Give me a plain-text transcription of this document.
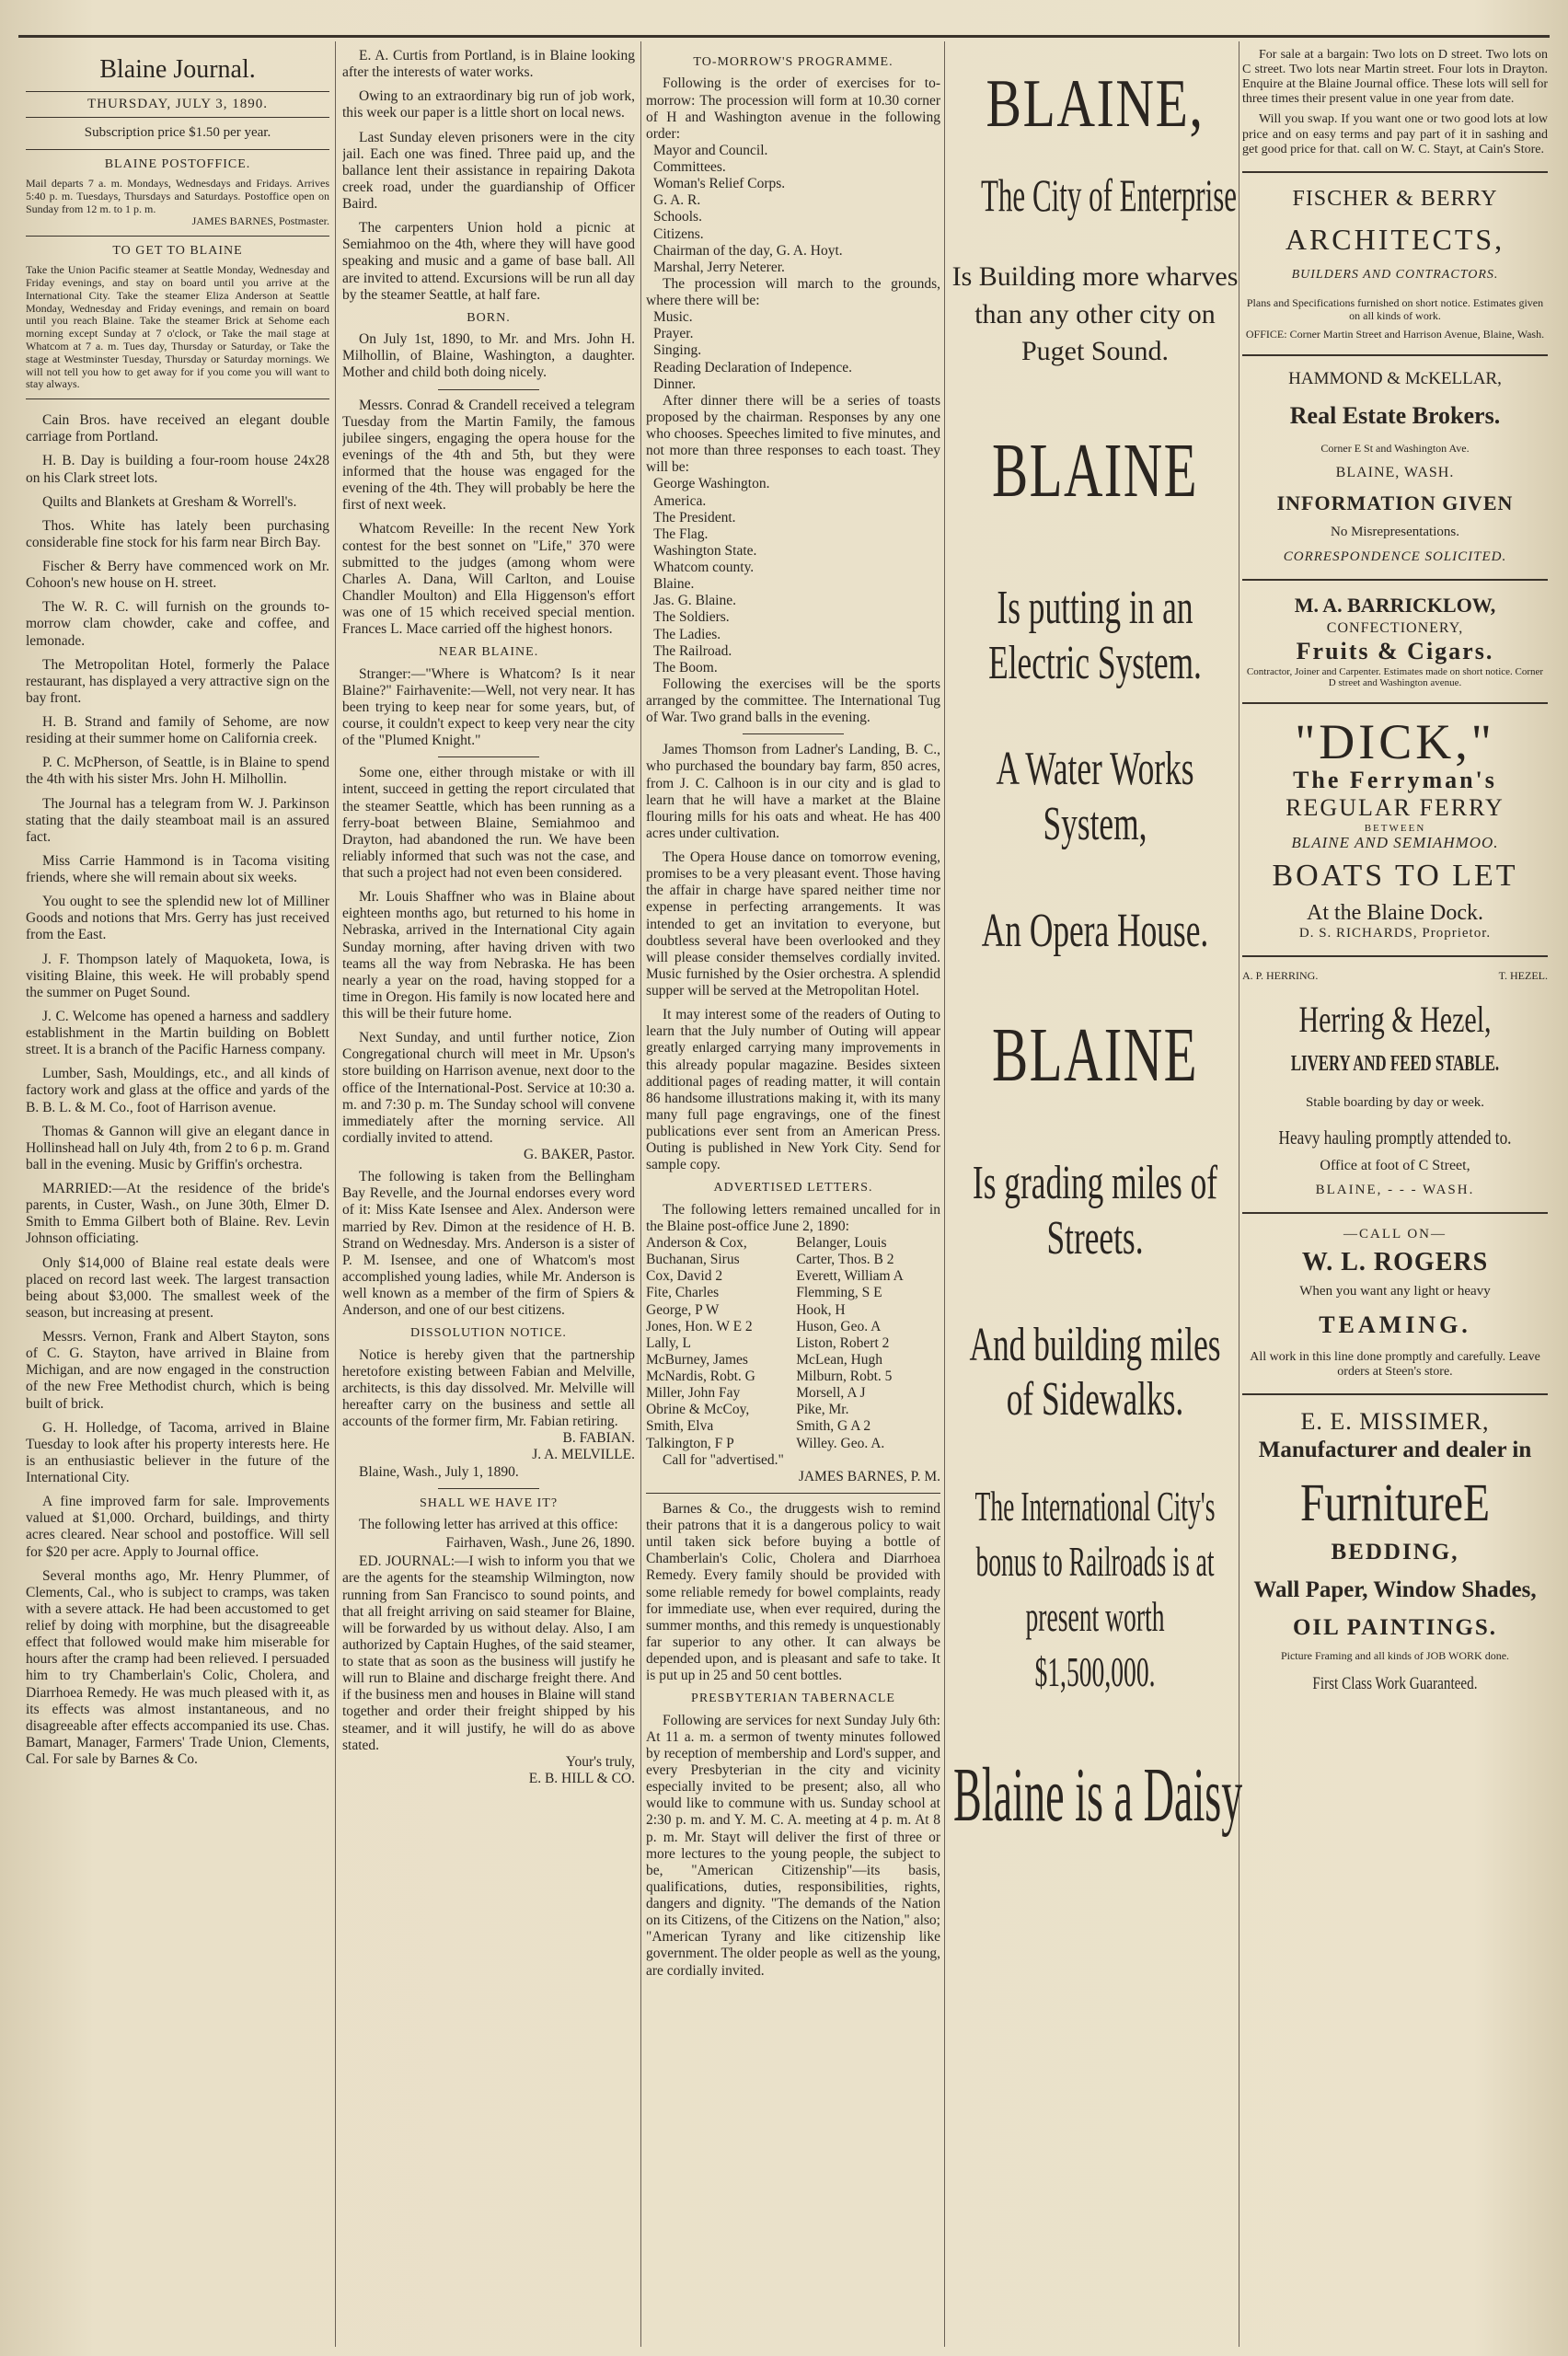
Blaine Journal.
THURSDAY, JULY 3, 1890.
Subscription price $1.50 per year.
BLAINE POSTOFFICE.
Mail departs 7 a. m. Mondays, Wednesdays and Fridays. Arrives 5:40 p. m. Tuesdays, Thursdays and Saturdays. Postoffice open on Sunday from 12 m. to 1 p. m.
JAMES BARNES, Postmaster.
TO GET TO BLAINE
Take the Union Pacific steamer at Seattle Monday, Wednesday and Friday evenings, and stay on board until you arrive at the International City. Take the steamer Eliza Anderson at Seattle Monday, Wednesday and Friday evenings, and remain on board until you reach Blaine. Take the steamer Brick at Sehome each morning except Sunday at 7 o'clock, or Take the mail stage at Whatcom at 7 a. m. Tues day, Thursday or Saturday, or Take the stage at Westminster Tuesday, Thursday or Saturday mornings. We will not tell you how to get away for if you come you will want to stay always.

Cain Bros. have received an elegant double carriage from Portland.

H. B. Day is building a four-room house 24x28 on his Clark street lots.

Quilts and Blankets at Gresham & Worrell's.

Thos. White has lately been purchasing considerable fine stock for his farm near Birch Bay.

Fischer & Berry have commenced work on Mr. Cohoon's new house on H. street.

The W. R. C. will furnish on the grounds to-morrow clam chowder, cake and coffee, and lemonade.

The Metropolitan Hotel, formerly the Palace restaurant, has displayed a very attractive sign on the bay front.

H. B. Strand and family of Sehome, are now residing at their summer home on California creek.

P. C. McPherson, of Seattle, is in Blaine to spend the 4th with his sister Mrs. John H. Milhollin.

The Journal has a telegram from W. J. Parkinson stating that the daily steamboat mail is an assured fact.

Miss Carrie Hammond is in Tacoma visiting friends, where she will remain about six weeks.

You ought to see the splendid new lot of Milliner Goods and notions that Mrs. Gerry has just received from the East.

J. F. Thompson lately of Maquoketa, Iowa, is visiting Blaine, this week. He will probably spend the summer on Puget Sound.

J. C. Welcome has opened a harness and saddlery establishment in the Martin building on Boblett street. It is a branch of the Pacific Harness company.

Lumber, Sash, Mouldings, etc., and all kinds of factory work and glass at the office and yards of the B. B. L. & M. Co., foot of Harrison avenue.

Thomas & Gannon will give an elegant dance in Hollinshead hall on July 4th, from 2 to 6 p. m. Grand ball in the evening. Music by Griffin's orchestra.

MARRIED:—At the residence of the bride's parents, in Custer, Wash., on June 30th, Elmer D. Smith to Emma Gilbert both of Blaine. Rev. Levin Johnson officiating.

Only $14,000 of Blaine real estate deals were placed on record last week. The largest transaction being about $3,000. The smallest week of the season, but increasing at present.

Messrs. Vernon, Frank and Albert Stayton, sons of C. G. Stayton, have arrived in Blaine from Michigan, and are now engaged in the construction of the new Free Methodist church, which is being built of brick.

G. H. Holledge, of Tacoma, arrived in Blaine Tuesday to look after his property interests here. He is an enthusiastic believer in the future of the International City.

A fine improved farm for sale. Improvements valued at $1,000. Orchard, buildings, and thirty acres cleared. Near school and postoffice. Will sell for $20 per acre. Apply to Journal office.

Several months ago, Mr. Henry Plummer, of Clements, Cal., who is subject to cramps, was taken with a severe attack. He had been accustomed to get relief by doing with morphine, but the disagreeable effect that followed would make him miserable for hours after the cramp had been relieved. I persuaded him to try Chamberlain's Colic, Cholera, and Diarrhoea Remedy. He was much pleased with it, as its effects was almost instantaneous, and no disagreeable after effects accompanied its use. Chas. Bamart, Manager, Farmers' Trade Union, Clements, Cal. For sale by Barnes & Co.

E. A. Curtis from Portland, is in Blaine looking after the interests of water works.

Owing to an extraordinary big run of job work, this week our paper is a little short on local news.

Last Sunday eleven prisoners were in the city jail. Each one was fined. Three paid up, and the ballance lent their assistance in repairing Dakota creek road, under the guardianship of Officer Baird.

The carpenters Union hold a picnic at Semiahmoo on the 4th, where they will have good speaking and music and a game of base ball. All are invited to attend. Excursions will be run all day by the steamer Seattle, at half fare.

BORN.

On July 1st, 1890, to Mr. and Mrs. John H. Milhollin, of Blaine, Washington, a daughter. Mother and child both doing nicely.

Messrs. Conrad & Crandell received a telegram Tuesday from the Martin Family, the famous jubilee singers, engaging the opera house for the evenings of the 4th and 5th, but they were informed that the house was engaged for the evening of the 4th. They will probably be here the first of next week.

Whatcom Reveille: In the recent New York contest for the best sonnet on "Life," 370 were submitted to the judges (among whom were Charles A. Dana, Will Carlton, and Louise Chandler Moulton) and Ella Higgenson's effort was one of 15 which received special mention. Frances L. Mace carried off the highest honors.

NEAR BLAINE.

Stranger:—"Where is Whatcom? Is it near Blaine?" Fairhavenite:—Well, not very near. It has been trying to keep near for some years, but, of course, it couldn't expect to keep very near the city of the "Plumed Knight."

Some one, either through mistake or with ill intent, succeed in getting the report circulated that the steamer Seattle, which has been running as a ferry-boat between Blaine, Semiahmoo and Drayton, had abandoned the run. We have been reliably informed that such was not the case, and that such a project had not even been considered.

Mr. Louis Shaffner who was in Blaine about eighteen months ago, but returned to his home in Nebraska, arrived in the International City again Sunday morning, after having driven with two teams all the way from Nebraska. He has been nearly a year on the road, having stopped for a time in Oregon. His family is now located here and this will be their future home.

Next Sunday, and until further notice, Zion Congregational church will meet in Mr. Upson's store building on Harrison avenue, next door to the office of the International-Post. Service at 10:30 a. m. and 7:30 p. m. The Sunday school will convene immediately after the morning service. All cordially invited to attend.

G. BAKER, Pastor.

The following is taken from the Bellingham Bay Revelle, and the Journal endorses every word of it: Miss Kate Isensee and Alex. Anderson were married by Rev. Dimon at the residence of H. B. Strand on Wednesday. Mrs. Anderson is a sister of P. M. Isensee, and one of Whatcom's most accomplished young ladies, while Mr. Anderson is well known as a member of the firm of Spiers & Anderson, and one of our best citizens.

DISSOLUTION NOTICE.

Notice is hereby given that the partnership heretofore existing between Fabian and Melville, architects, is this day dissolved. Mr. Melville will hereafter carry on the business and settle all accounts of the former firm, Mr. Fabian retiring.

B. FABIAN.
J. A. MELVILLE.

Blaine, Wash., July 1, 1890.

SHALL WE HAVE IT?

The following letter has arrived at this office:

Fairhaven, Wash., June 26, 1890.

ED. JOURNAL:—I wish to inform you that we are the agents for the steamship Wilmington, now running from San Francisco to sound points, and that all freight arriving on said steamer for Blaine, will be forwarded by us without delay. Also, I am authorized by Captain Hughes, of the said steamer, to state that as soon as the business will justify he will run to Blaine and discharge freight there. And if the business men and houses in Blaine will stand together and order their freight shipped by his steamer, and it will justify, he will do as above stated.

Your's truly,
E. B. HILL & CO.
TO-MORROW'S PROGRAMME.

Following is the order of exercises for to-morrow: The procession will form at 10.30 corner of H and Washington avenue in the following order:

Mayor and Council.
Committees.
Woman's Relief Corps.
G. A. R.
Schools.
Citizens.
Chairman of the day, G. A. Hoyt.
Marshal, Jerry Neterer.

The procession will march to the grounds, where there will be:

Music.
Prayer.
Singing.
Reading Declaration of Indepence.
Dinner.

After dinner there will be a series of toasts proposed by the chairman. Responses by any one who chooses. Speeches limited to five minutes, and not more than three responses to each toast. They will be:

George Washington.
America.
The President.
The Flag.
Washington State.
Whatcom county.
Blaine.
Jas. G. Blaine.
The Soldiers.
The Ladies.
The Railroad.
The Boom.

Following the exercises will be the sports arranged by the committee. The International Tug of War. Two grand balls in the evening.

James Thomson from Ladner's Landing, B. C., who purchased the boundary bay farm, 850 acres, from J. C. Calhoon is in our city and is glad to learn that he will have a market at the Blaine flouring mills for his oats and wheat. He has 400 acres under cultivation.

The Opera House dance on tomorrow evening, promises to be a very pleasant event. Those having the affair in charge have spared neither time nor expense in perfecting arrangements. It was intended to get an invitation to everyone, but doubtless several have been overlooked and they will please consider themselves cordially invited. Music furnished by the Osier orchestra. A splendid supper will be served at the Metropolitan Hotel.

It may interest some of the readers of Outing to learn that the July number of Outing will appear greatly enlarged carrying many improvements in this already popular magazine. Besides sixteen additional pages of reading matter, it will contain 86 handsome illustrations making it, with its many many full page engravings, one of the finest publications ever sent from an American Press. Outing is published in New York City. Send for sample copy.

ADVERTISED LETTERS.

The following letters remained uncalled for in the Blaine post-office June 2, 1890:

Anderson & Cox,	Belanger, Louis
Buchanan, Sirus	Carter, Thos. B 2
Cox, David 2	Everett, William A
Fite, Charles	Flemming, S E
George, P W	Hook, H
Jones, Hon. W E 2	Huson, Geo. A
Lally, L	Liston, Robert 2
McBurney, James	McLean, Hugh
McNardis, Robt. G	Milburn, Robt. 5
Miller, John Fay	Morsell, A J
Obrine & McCoy,	Pike, Mr.
Smith, Elva	Smith, G A 2
Talkington, F P	Willey. Geo. A.

Call for "advertised."

JAMES BARNES, P. M.

Barnes & Co., the druggests wish to remind their patrons that it is a dangerous policy to wait until taken sick before buying a bottle of Chamberlain's Colic, Cholera and Diarrhoea Remedy. Every family should be provided with some reliable remedy for bowel complaints, ready for immediate use, when ever required, during the summer months, and this remedy is unquestionably far superior to any other. It can always be depended upon, and is pleasant and safe to take. It is put up in 25 and 50 cent bottles.

PRESBYTERIAN TABERNACLE

Following are services for next Sunday July 6th: At 11 a. m. a sermon of twenty minutes followed by reception of membership and Lord's supper, and every Presbyterian in the city and vicinity especially invited to be present; also, all who would like to commune with us. Sunday school at 2:30 p. m. and Y. M. C. A. meeting at 4 p. m. At 8 p. m. Mr. Stayt will deliver the first of three or more lectures to the young people, the subject to be, "American Citizenship"—its basis, qualifications, duties, responsibilities, rights, dangers and dignity. "The demands of the Nation on its Citizens, of the Citizens on the Nation," also; "American Tyrany and like citizenship like government. The older people as well as the young, are cordially invited.

BLAINE,
The City of Enterprise
Is Building more wharves than any other city on Puget Sound.
BLAINE
Is putting in an Electric System.
A Water Works System,
An Opera House.
BLAINE
Is grading miles of Streets.
And building miles of Sidewalks.
The International City's bonus to Railroads is at present worth $1,500,000.
Blaine is a Daisy

For sale at a bargain: Two lots on D street. Two lots on C street. Two lots near Martin street. Four lots in Drayton. Enquire at the Blaine Journal office. These lots will sell for three times their present value in one year from date.

Will you swap. If you want one or two good lots at low price and on easy terms and pay part of it in sashing and get good price for that. call on W. C. Stayt, at Cain's Store.

FISCHER & BERRY
ARCHITECTS,
BUILDERS AND CONTRACTORS.
Plans and Specifications furnished on short notice. Estimates given on all kinds of work.
OFFICE: Corner Martin Street and Harrison Avenue, Blaine, Wash.
HAMMOND & McKELLAR,
Real Estate Brokers.
Corner E St and Washington Ave.
BLAINE, WASH.
INFORMATION GIVEN
No Misrepresentations.
CORRESPONDENCE SOLICITED.
M. A. BARRICKLOW,
CONFECTIONERY,
Fruits & Cigars.
Contractor, Joiner and Carpenter. Estimates made on short notice. Corner D street and Washington avenue.
"DICK,"
The Ferryman's
REGULAR FERRY
BETWEEN
BLAINE AND SEMIAHMOO.
BOATS TO LET
At the Blaine Dock.
D. S. RICHARDS, Proprietor.
A. P. HERRING.	T. HEZEL.
Herring & Hezel,
LIVERY AND FEED STABLE.
Stable boarding by day or week.
Heavy hauling promptly attended to.
Office at foot of C Street,
BLAINE, - - - WASH.
—CALL ON—
W. L. ROGERS
When you want any light or heavy
TEAMING.
All work in this line done promptly and carefully. Leave orders at Steen's store.
E. E. MISSIMER,
Manufacturer and dealer in
FurnitureE
BEDDING,
Wall Paper, Window Shades,
OIL PAINTINGS.
Picture Framing and all kinds of JOB WORK done.
First Class Work Guaranteed.
